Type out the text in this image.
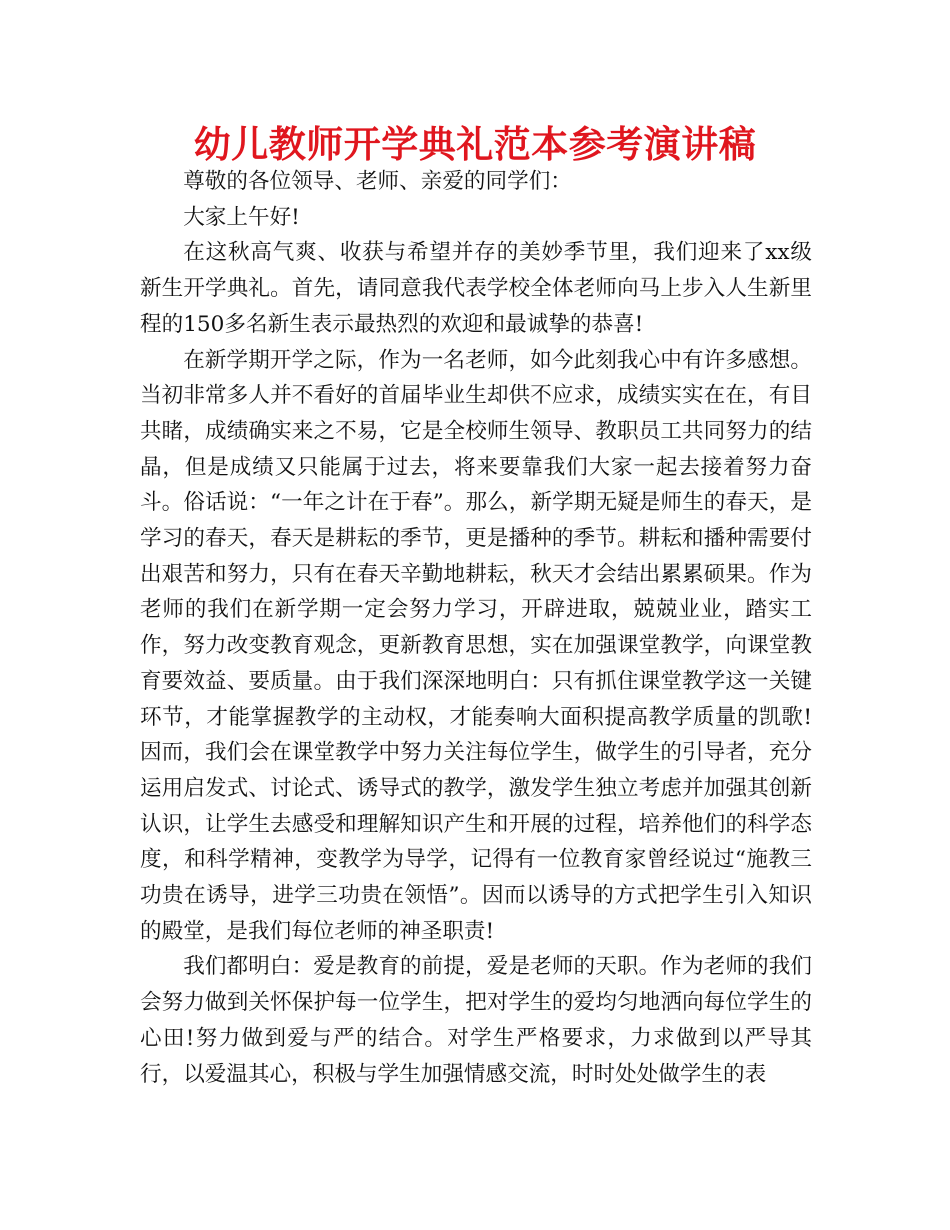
幼儿教师开学典礼范本参考演讲稿

尊敬的各位领导、老师、亲爱的同学们：

大家上午好!

在这秋高气爽、收获与希望并存的美妙季节里，我们迎来了xx级新生开学典礼。首先，请同意我代表学校全体老师向马上步入人生新里程的150多名新生表示最热烈的欢迎和最诚挚的恭喜!

在新学期开学之际，作为一名老师，如今此刻我心中有许多感想。当初非常多人并不看好的首届毕业生却供不应求，成绩实实在在，有目共睹，成绩确实来之不易，它是全校师生领导、教职员工共同努力的结晶，但是成绩又只能属于过去，将来要靠我们大家一起去接着努力奋斗。俗话说：“一年之计在于春”。那么，新学期无疑是师生的春天，是学习的春天，春天是耕耘的季节，更是播种的季节。耕耘和播种需要付出艰苦和努力，只有在春天辛勤地耕耘，秋天才会结出累累硕果。作为老师的我们在新学期一定会努力学习，开辟进取，兢兢业业，踏实工作，努力改变教育观念，更新教育思想，实在加强课堂教学，向课堂教育要效益、要质量。由于我们深深地明白：只有抓住课堂教学这一关键环节，才能掌握教学的主动权，才能奏响大面积提高教学质量的凯歌!因而，我们会在课堂教学中努力关注每位学生，做学生的引导者，充分运用启发式、讨论式、诱导式的教学，激发学生独立考虑并加强其创新认识，让学生去感受和理解知识产生和开展的过程，培养他们的科学态度，和科学精神，变教学为导学，记得有一位教育家曾经说过“施教三功贵在诱导，进学三功贵在领悟”。因而以诱导的方式把学生引入知识的殿堂，是我们每位老师的神圣职责!

我们都明白：爱是教育的前提，爱是老师的天职。作为老师的我们会努力做到关怀保护每一位学生，把对学生的爱均匀地洒向每位学生的心田!努力做到爱与严的结合。对学生严格要求，力求做到以严导其行，以爱温其心，积极与学生加强情感交流，时时处处做学生的表
